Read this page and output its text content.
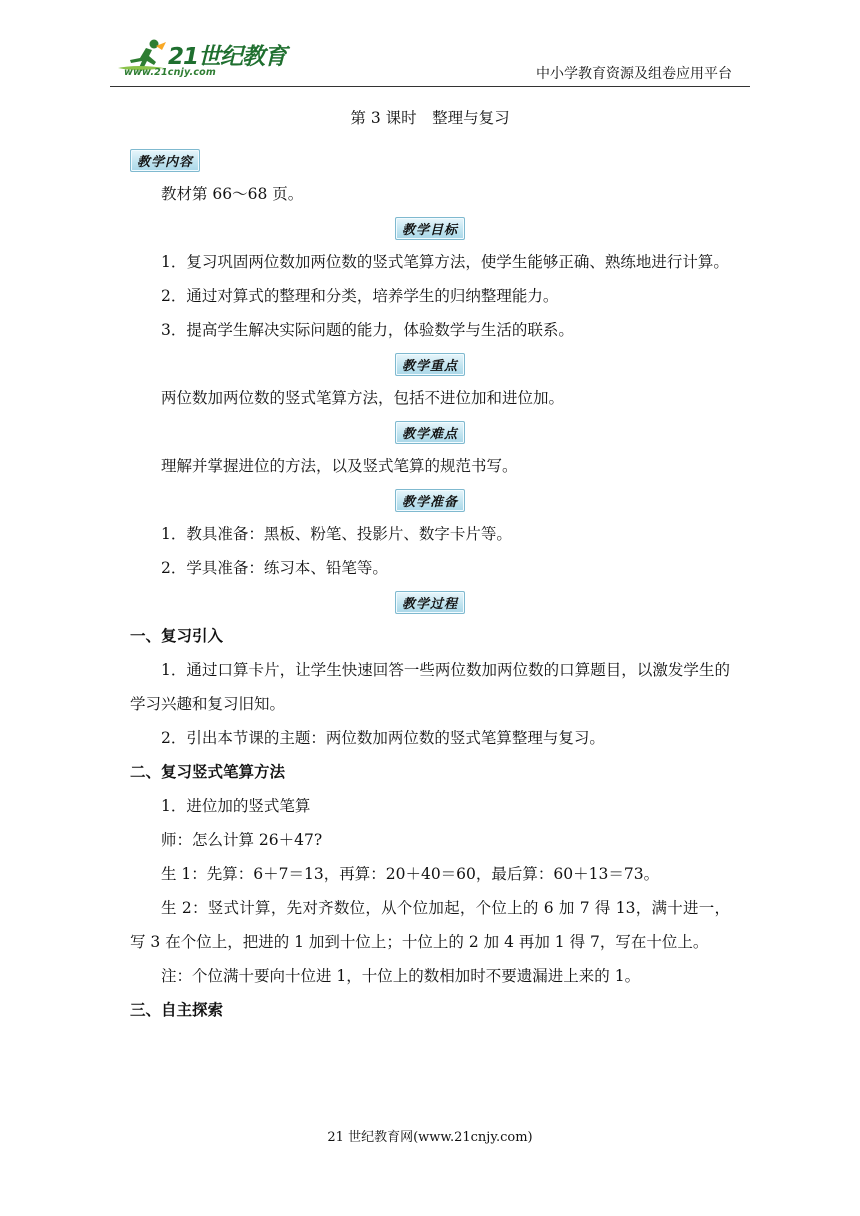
21世纪教育
www.21cnjy.com	中小学教育资源及组卷应用平台

第 3 课时　整理与复习

教学内容

教材第 66～68 页。

教学目标

1．复习巩固两位数加两位数的竖式笔算方法，使学生能够正确、熟练地进行计算。

2．通过对算式的整理和分类，培养学生的归纳整理能力。

3．提高学生解决实际问题的能力，体验数学与生活的联系。

教学重点

两位数加两位数的竖式笔算方法，包括不进位加和进位加。

教学难点

理解并掌握进位的方法，以及竖式笔算的规范书写。

教学准备

1．教具准备：黑板、粉笔、投影片、数字卡片等。

2．学具准备：练习本、铅笔等。

教学过程

一、复习引入

1．通过口算卡片，让学生快速回答一些两位数加两位数的口算题目，以激发学生的学习兴趣和复习旧知。

2．引出本节课的主题：两位数加两位数的竖式笔算整理与复习。

二、复习竖式笔算方法

1．进位加的竖式笔算

师：怎么计算 26＋47?

生 1：先算：6＋7＝13，再算：20＋40＝60，最后算：60＋13＝73。

生 2：竖式计算，先对齐数位，从个位加起，个位上的 6 加 7 得 13，满十进一，写 3 在个位上，把进的 1 加到十位上；十位上的 2 加 4 再加 1 得 7，写在十位上。

注：个位满十要向十位进 1，十位上的数相加时不要遗漏进上来的 1。

三、自主探索

21 世纪教育网(www.21cnjy.com)
